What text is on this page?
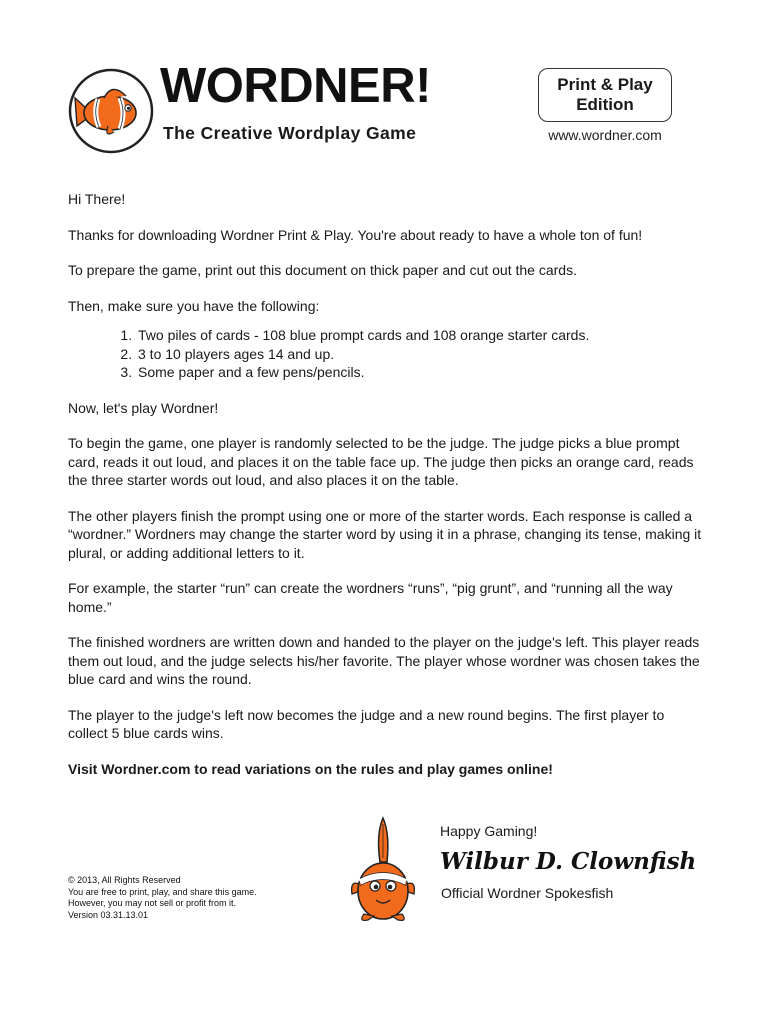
WORDNER!
The Creative Wordplay Game
Print & Play
Edition
www.wordner.com

Hi There!

Thanks for downloading Wordner Print & Play. You're about ready to have a whole ton of fun!

To prepare the game, print out this document on thick paper and cut out the cards.

Then, make sure you have the following:

1. Two piles of cards - 108 blue prompt cards and 108 orange starter cards.
2. 3 to 10 players ages 14 and up.
3. Some paper and a few pens/pencils.

Now, let's play Wordner!

To begin the game, one player is randomly selected to be the judge. The judge picks a blue prompt card, reads it out loud, and places it on the table face up. The judge then picks an orange card, reads the three starter words out loud, and also places it on the table.

The other players finish the prompt using one or more of the starter words. Each response is called a “wordner.” Wordners may change the starter word by using it in a phrase, changing its tense, making it plural, or adding additional letters to it.

For example, the starter “run” can create the wordners “runs”, “pig grunt”, and “running all the way home.”

The finished wordners are written down and handed to the player on the judge's left. This player reads them out loud, and the judge selects his/her favorite. The player whose wordner was chosen takes the blue card and wins the round.

The player to the judge's left now becomes the judge and a new round begins. The first player to collect 5 blue cards wins.

Visit Wordner.com to read variations on the rules and play games online!

© 2013, All Rights Reserved
You are free to print, play, and share this game.
However, you may not sell or profit from it.
Version 03.31.13.01
Happy Gaming!
Wilbur D. Clownfish
Official Wordner Spokesfish
